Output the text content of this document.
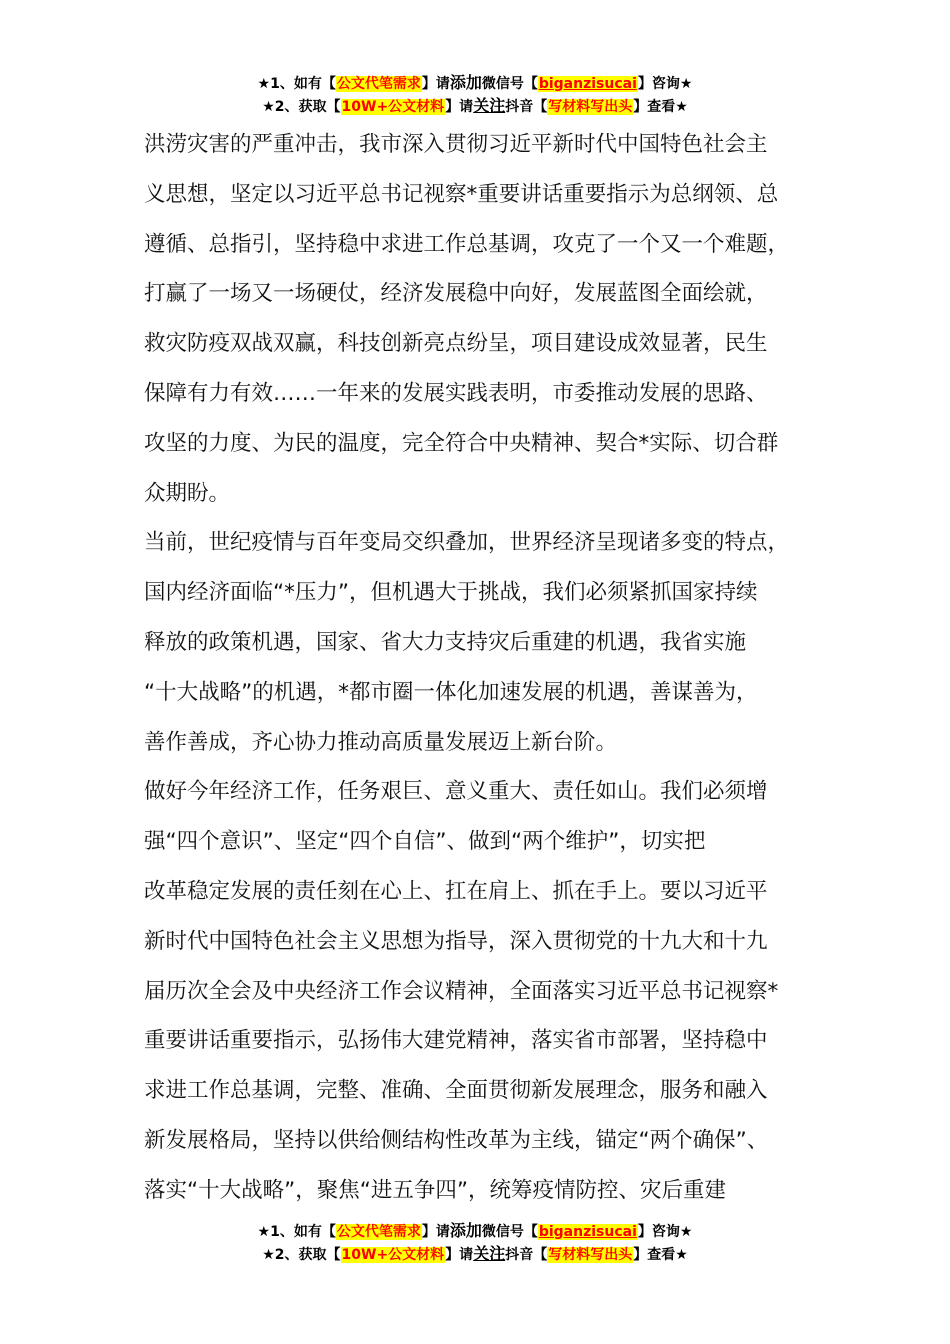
★1、如有【公文代笔需求】请添加微信号【biganzisucai】咨询★
★2、获取【10W+公文材料】请关注抖音【写材料写出头】查看★
洪涝灾害的严重冲击，我市深入贯彻习近平新时代中国特色社会主
义思想，坚定以习近平总书记视察*重要讲话重要指示为总纲领、总
遵循、总指引，坚持稳中求进工作总基调，攻克了一个又一个难题，
打赢了一场又一场硬仗，经济发展稳中向好，发展蓝图全面绘就，
救灾防疫双战双赢，科技创新亮点纷呈，项目建设成效显著，民生
保障有力有效……一年来的发展实践表明，市委推动发展的思路、
攻坚的力度、为民的温度，完全符合中央精神、契合*实际、切合群
众期盼。
当前，世纪疫情与百年变局交织叠加，世界经济呈现诸多变的特点，
国内经济面临“*压力”，但机遇大于挑战，我们必须紧抓国家持续
释放的政策机遇，国家、省大力支持灾后重建的机遇，我省实施
“十大战略”的机遇，*都市圈一体化加速发展的机遇，善谋善为，
善作善成，齐心协力推动高质量发展迈上新台阶。
做好今年经济工作，任务艰巨、意义重大、责任如山。我们必须增
强“四个意识”、坚定“四个自信”、做到“两个维护”，切实把
改革稳定发展的责任刻在心上、扛在肩上、抓在手上。要以习近平
新时代中国特色社会主义思想为指导，深入贯彻党的十九大和十九
届历次全会及中央经济工作会议精神，全面落实习近平总书记视察*
重要讲话重要指示，弘扬伟大建党精神，落实省市部署，坚持稳中
求进工作总基调，完整、准确、全面贯彻新发展理念，服务和融入
新发展格局，坚持以供给侧结构性改革为主线，锚定“两个确保”、
落实“十大战略”，聚焦“进五争四”，统筹疫情防控、灾后重建
★1、如有【公文代笔需求】请添加微信号【biganzisucai】咨询★
★2、获取【10W+公文材料】请关注抖音【写材料写出头】查看★
